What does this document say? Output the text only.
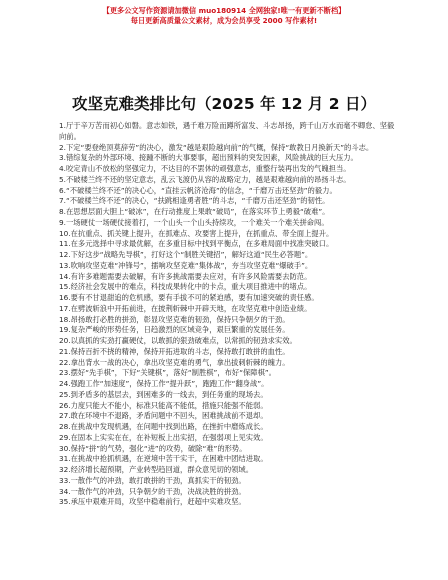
【更多公文写作资源请加微信 muo180914 全网独家!唯一有更新不断档】
每日更新高质量公文素材，成为会员享受 2000 写作素材!
攻坚克难类排比句（2025 年 12 月 2 日）

1.厅于辛万苦而初心如磐。意志如铁，遇千难万险而蹲所富发、斗志昂扬，跨千山万水而毫不卿怠、坚毅向前。

2.下定“要登绝顶莫辞劳”的决心，激发“越是艰险越向前”的气概，保持“敢教日月换新天”的斗志。

3.错综复杂的外部环境、接踵不断的大事要事，超出预料的突发因素，风险挑战的巨大压力。

4.咬定青山不放松的坚强定力，不达目的不罢休的顽强意志，重整行装再出发的气魄担当。

5.不破楼兰终不还的坚定意志，乱云飞渡仍从容的战略定力，越是艰难越向前的昂扬斗志。

6.“不破楼兰终不还”的决心心，“直挂云帆济沧海”的信念，“千磨万击还坚劲”的毅力。

7.“不破楼兰终不还”的决心，“扶跳相逢勇者胜”的斗志，“千磨万击还坚劲”的韧性。

8.在思想层面大胆上“破冰”，在行动推度上果敢“破局”，在落实环节上勇毅“破难”。

9.一场硬仗一场硬仗接着打，一个山头一个山头持续攻，一个难关一个难关拼命闯。

10.在抗重点、抓关键上提升，在抓难点、攻要害上提升，在抓重点、带全面上提升。

11.在多元选择中寻求最优解，在多重目标中找到平衡点，在多难局面中找准突破口。

12.下好这步“战略先导棋”，打好这个“制胜关键招”，解好这道“民生必答题”。

13.吹响攻坚克难“冲锋号”，擂响攻坚克难“集体战”，夯当攻坚克难“爆破手”。

14.有许多难题需要去破解，有许多挑战需要去应对，有许多风险需要去防范。

15.经济社会发展中的难点，科技成果转化中的卡点，重大项目推进中的堵点。

16.要有不甘退甜追的危机感，要有手拔不可的紧迫感，要有加速突破的责任感。

17.在劈波斩浪中开拓前进，在披荆斩棘中开辟天地，在攻坚克难中创造业绩。

18.昂扬敢打必胜的拼劲，彰显攻坚克难的韧劲，保持只争朝夕的干劲。

19.复杂严峻的形势任务，日趋激烈的区域竞争，艰巨繁重的发展任务。

20.以真抓的实劲打赢硬仗，以敢抓的狠劲破难点，以常抓的韧劲求实效。

21.保持百折不挠的精神，保持开拓进取的斗志，保持敢打敢拼的血性。

22.拿出背水一战的决心，拿出攻坚克难的勇气，拿出拔刺斩棘的魄力。

23.摆好“先手棋”，下好“关键棋”，落好“制胜棋”，布好“保障棋”。

24.强跑工作“加速度”，保持工作“提升跃”，跑跑工作“翻身战”。

25.到矛盾多的基层去，到困难多的一线去，到任务重的现场去。

26.力度只能大不能小，标准只能高不能低，措施只能强不能弱。

27.敢在环境中不退路，矛盾问题中不回头，困难挑战前不退却。

28.在挑战中发现机遇，在问题中找到出路，在挫折中磨炼成长。

29.在固本上实实在在，在补短板上出实招，在强弱项上见实效。

30.保持“拼”的气势，强化“进”的攻势，破除“难”的形势。

31.在挑战中抢抓机遇，在逆境中苦干实干，在困难中团结进取。

32.经济增长超预期，产业转型趋回道，群众意见切的领域。

33.一散作气的冲劲，敢打敢拼的干劲，真抓实干的韧劲。

34.一散作气的冲劲，只争朝夕的干劲，决战决胜的拼劲。

35.承压中艰难开局，攻坚中稳难前行，赶超中实难攻坚。
